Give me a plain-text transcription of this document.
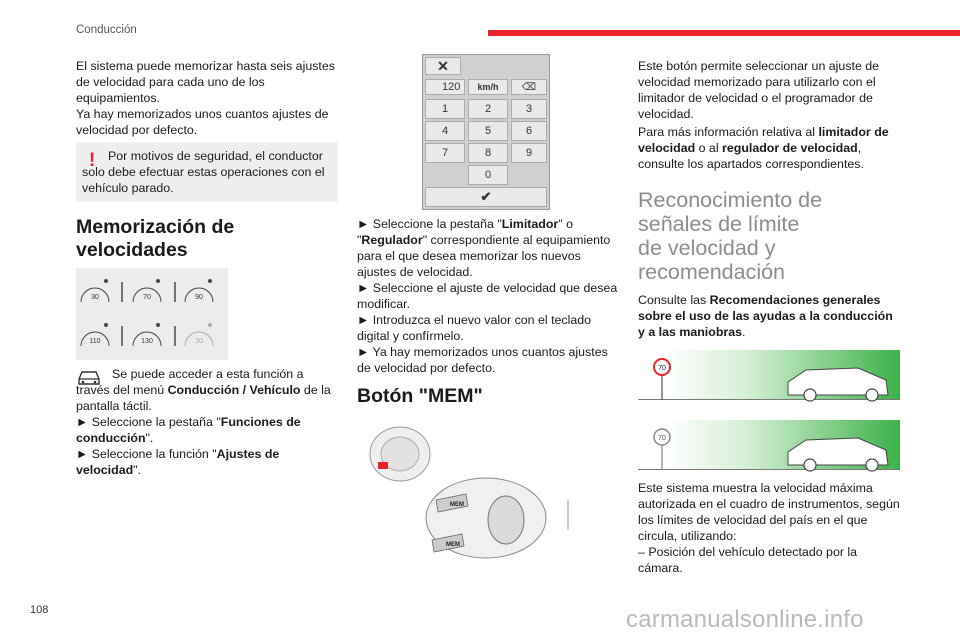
Conducción

El sistema puede memorizar hasta seis ajustes de velocidad para cada uno de los equipamientos.

Ya hay memorizados unos cuantos ajustes de velocidad por defecto.

!	Por motivos de seguridad, el conductor solo debe efectuar estas operaciones con el vehículo parado.

Memorización de
velocidades
30	70	90
110	130	30

Se puede acceder a esta función a través del menú Conducción / Vehículo de la pantalla táctil.

► Seleccione la pestaña "Funciones de conducción".

► Seleccione la función "Ajustes de velocidad".

✕
120	km/h	⌫
1	2	3
4	5	6
7	8	9
0
✔

► Seleccione la pestaña "Limitador" o "Regulador" correspondiente al equipamiento para el que desea memorizar los nuevos ajustes de velocidad.

► Seleccione el ajuste de velocidad que desea modificar.

► Introduzca el nuevo valor con el teclado digital y confírmelo.

► Ya hay memorizados unos cuantos ajustes de velocidad por defecto.

Botón "MEM"
MEM
MEM

Este botón permite seleccionar un ajuste de velocidad memorizado para utilizarlo con el limitador de velocidad o el programador de velocidad.

Para más información relativa al limitador de velocidad o al regulador de velocidad, consulte los apartados correspondientes.

Reconocimiento de
señales de límite
de velocidad y
recomendación

Consulte las Recomendaciones generales sobre el uso de las ayudas a la conducción y a las maniobras.

70
70

Este sistema muestra la velocidad máxima autorizada en el cuadro de instrumentos, según los límites de velocidad del país en el que circula, utilizando:

– Posición del vehículo detectado por la cámara.

108	carmanualsonline.info
